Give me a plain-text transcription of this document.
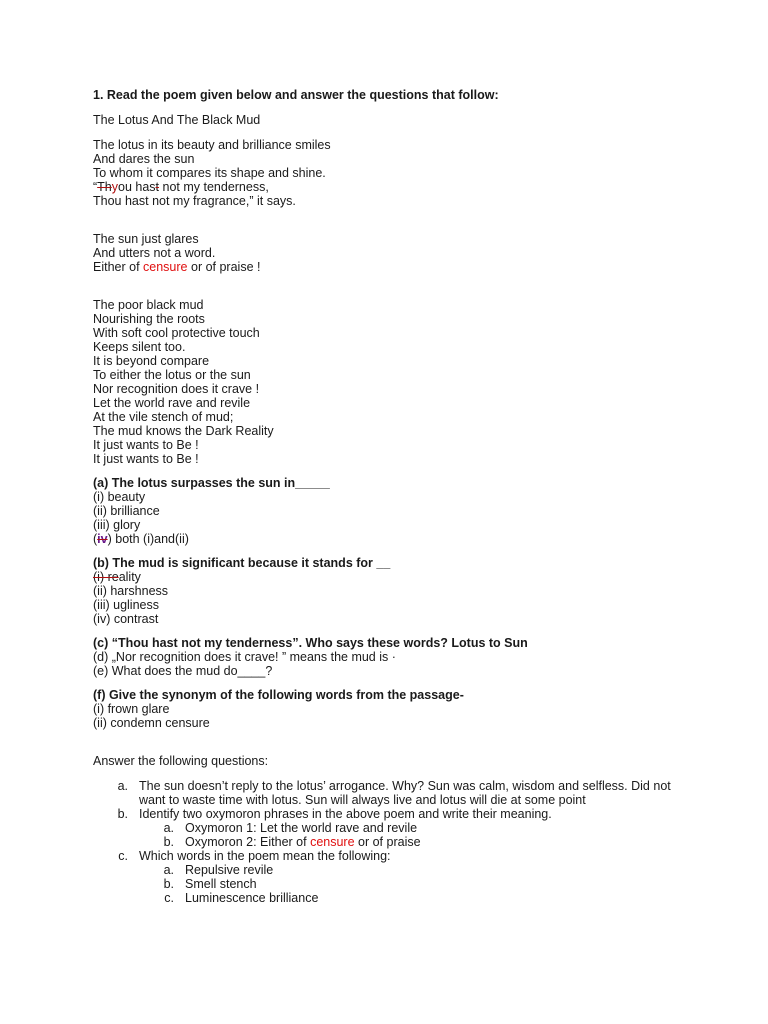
1. Read the poem given below and answer the questions that follow:
The Lotus And The Black Mud
The lotus in its beauty and brilliance smiles
And dares the sun
To whom it compares its shape and shine.
“Thyou hast not my tenderness,
Thou hast not my fragrance,” it says.
The sun just glares
And utters not a word.
Either of censure or of praise !
The poor black mud
Nourishing the roots
With soft cool protective touch
Keeps silent too.
It is beyond compare
To either the lotus or the sun
Nor recognition does it crave !
Let the world rave and revile
At the vile stench of mud;
The mud knows the Dark Reality
It just wants to Be !
It just wants to Be !
(a) The lotus surpasses the sun in_____
(i) beauty
(ii) brilliance
(iii) glory
(iv) both (i)and(ii)
(b) The mud is significant because it stands for __
(i) reality
(ii) harshness
(iii) ugliness
(iv) contrast
(c) “Thou hast not my tenderness”. Who says these words? Lotus to Sun
(d) „Nor recognition does it crave! ” means the mud is ·
(e) What does the mud do____?
(f) Give the synonym of the following words from the passage-
(i) frown glare
(ii) condemn censure
Answer the following questions:
a. The sun doesn’t reply to the lotus’ arrogance. Why? Sun was calm, wisdom and selfless. Did not want to waste time with lotus. Sun will always live and lotus will die at some point
b. Identify two oxymoron phrases in the above poem and write their meaning.
a. Oxymoron 1: Let the world rave and revile
b. Oxymoron 2: Either of censure or of praise
c. Which words in the poem mean the following:
a. Repulsive revile
b. Smell stench
c. Luminescence brilliance
